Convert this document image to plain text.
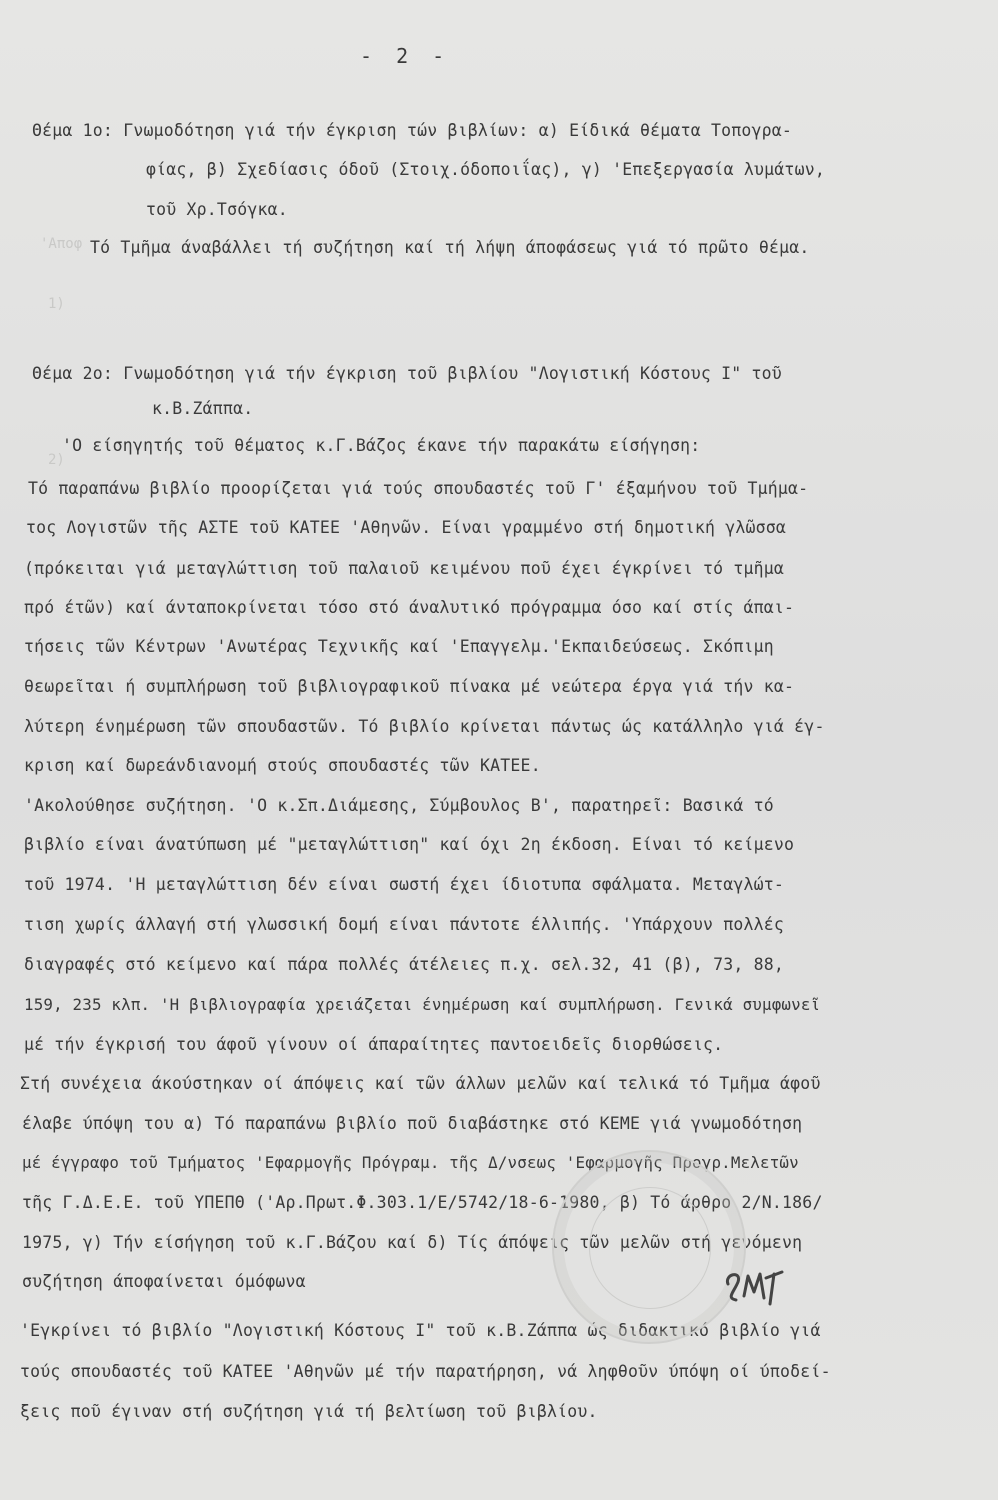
'Αποφ
1)
2)
- 2 -
Θέμα 1ο: Γνωμοδότηση γιά τήν έγκριση τών βιβλίων: α) Είδικά θέματα Τοπογρα-
φίας, β) Σχεδίασις όδοῦ (Στοιχ.όδοποιΐας), γ) 'Επεξεργασία λυμάτων,
τοῦ Χρ.Τσόγκα.
Τό Τμῆμα άναβάλλει τή συζήτηση καί τή λήψη άποφάσεως γιά τό πρῶτο θέμα.
Θέμα 2ο: Γνωμοδότηση γιά τήν έγκριση τοῦ βιβλίου "Λογιστική Κόστους Ι" τοῦ
κ.Β.Ζάππα.
'Ο είσηγητής τοῦ θέματος κ.Γ.Βάζος έκανε τήν παρακάτω είσήγηση:
Τό παραπάνω βιβλίο προορίζεται γιά τούς σπουδαστές τοῦ Γ' έξαμήνου τοῦ Τμήμα-
τος Λογιστῶν τῆς ΑΣΤΕ τοῦ ΚΑΤΕΕ 'Αθηνῶν. Είναι γραμμένο στή δημοτική γλῶσσα
(πρόκειται γιά μεταγλώττιση τοῦ παλαιοῦ κειμένου ποῦ έχει έγκρίνει τό τμῆμα
πρό έτῶν) καί άνταποκρίνεται τόσο στό άναλυτικό πρόγραμμα όσο καί στίς άπαι-
τήσεις τῶν Κέντρων 'Ανωτέρας Τεχνικῆς καί 'Επαγγελμ.'Εκπαιδεύσεως. Σκόπιμη
θεωρεῖται ή συμπλήρωση τοῦ βιβλιογραφικοῦ πίνακα μέ νεώτερα έργα γιά τήν κα-
λύτερη ένημέρωση τῶν σπουδαστῶν. Τό βιβλίο κρίνεται πάντως ώς κατάλληλο γιά έγ-
κριση καί δωρεάνδιανομή στούς σπουδαστές τῶν ΚΑΤΕΕ.
'Ακολούθησε συζήτηση. 'Ο κ.Σπ.Διάμεσης, Σύμβουλος Β', παρατηρεῖ: Βασικά τό
βιβλίο είναι άνατύπωση μέ "μεταγλώττιση" καί όχι 2η έκδοση. Είναι τό κείμενο
τοῦ 1974. 'Η μεταγλώττιση δέν είναι σωστή έχει ίδιοτυπα σφάλματα. Μεταγλώτ-
τιση χωρίς άλλαγή στή γλωσσική δομή είναι πάντοτε έλλιπής. 'Υπάρχουν πολλές
διαγραφές στό κείμενο καί πάρα πολλές άτέλειες π.χ. σελ.32, 41 (β), 73, 88,
159, 235 κλπ. 'Η βιβλιογραφία χρειάζεται ένημέρωση καί συμπλήρωση. Γενικά συμφωνεῖ
μέ τήν έγκρισή του άφοῦ γίνουν οί άπαραίτητες παντοειδεῖς διορθώσεις.
Στή συνέχεια άκούστηκαν οί άπόψεις καί τῶν άλλων μελῶν καί τελικά τό Τμῆμα άφοῦ
έλαβε ύπόψη του α) Τό παραπάνω βιβλίο ποῦ διαβάστηκε στό ΚΕΜΕ γιά γνωμοδότηση
μέ έγγραφο τοῦ Τμήματος 'Εφαρμογῆς Πρόγραμ. τῆς Δ/νσεως 'Εφαρμογῆς Προγρ.Μελετῶν
τῆς Γ.Δ.Ε.Ε. τοῦ ΥΠΕΠΘ ('Αρ.Πρωτ.Φ.303.1/Ε/5742/18-6-1980, β) Τό άρθρο 2/Ν.186/
1975, γ) Τήν είσήγηση τοῦ κ.Γ.Βάζου καί δ) Τίς άπόψεις τῶν μελῶν στή γενόμενη
συζήτηση άποφαίνεται όμόφωνα
'Εγκρίνει τό βιβλίο "Λογιστική Κόστους Ι" τοῦ κ.Β.Ζάππα ώς διδακτικό βιβλίο γιά
τούς σπουδαστές τοῦ ΚΑΤΕΕ 'Αθηνῶν μέ τήν παρατήρηση, νά ληφθοῦν ύπόψη οί ύποδεί-
ξεις ποῦ έγιναν στή συζήτηση γιά τή βελτίωση τοῦ βιβλίου.
